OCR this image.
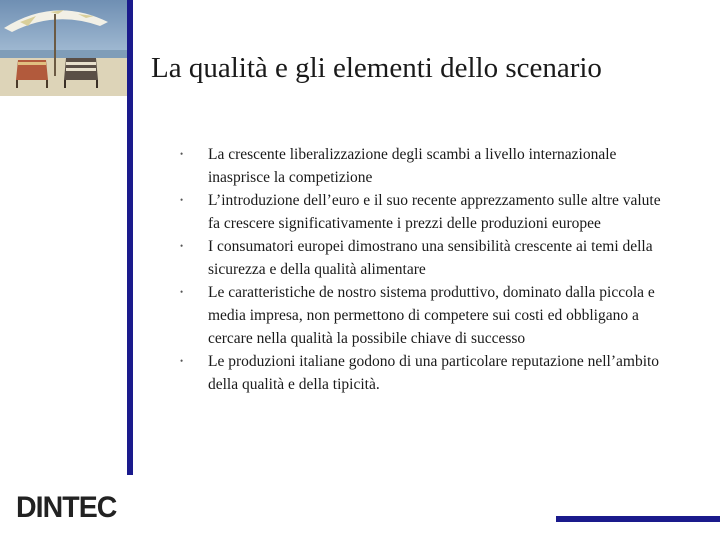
La qualità e gli elementi dello scenario
• La crescente liberalizzazione degli scambi a livello internazionale inasprisce la competizione
• L’introduzione dell’euro e il suo recente apprezzamento sulle altre valute fa crescere significativamente i prezzi delle produzioni europee
• I consumatori europei dimostrano una sensibilità crescente ai temi della sicurezza e della qualità alimentare
• Le caratteristiche de nostro sistema produttivo, dominato dalla piccola e media impresa, non permettono di competere sui costi ed obbligano a cercare nella qualità la possibile chiave di successo
• Le produzioni italiane godono di una particolare reputazione nell’ambito della qualità e della tipicità.
DINTEC
